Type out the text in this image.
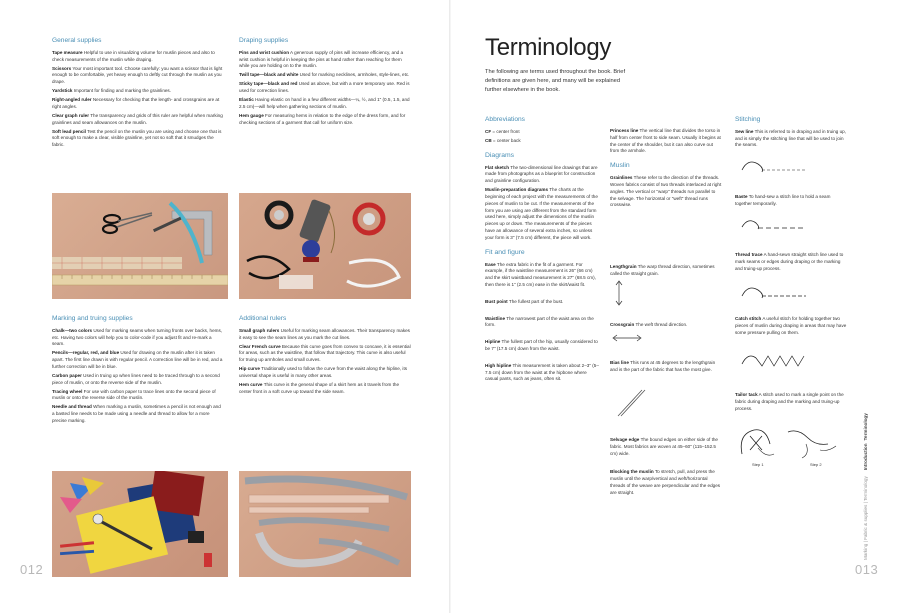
General supplies

Tape measure Helpful to use in visualizing volume for muslin pieces and also to check measurements of the muslin while draping.

Scissors Your most important tool. Choose carefully: you want a scissor that is light enough to be comfortable, yet heavy enough to deftly cut through the muslin as you drape.

Yardstick Important for finding and marking the grainlines.

Right-angled ruler Necessary for checking that the length- and crossgrains are at right angles.

Clear graph ruler The transparency and grids of this ruler are helpful when marking grainlines and seam allowances on the muslin.

Soft lead pencil Test the pencil on the muslin you are using and choose one that is soft enough to make a clear, visible grainline, yet not so soft that it smudges the fabric.

Draping supplies

Pins and wrist cushion A generous supply of pins will increase efficiency, and a wrist cushion is helpful in keeping the pins at hand rather than reaching for them while you are holding on to the muslin.

Twill tape—black and white Used for marking necklines, armholes, style-lines, etc.

Sticky tape—black and red Used as above, but with a more temporary use. Red is used for correction lines.

Elastic Having elastic on hand in a few different widths—¼, ½, and 1" (0.5, 1.5, and 2.5 cm)—will help when gathering sections of muslin.

Hem gauge For measuring hems in relation to the edge of the dress form, and for checking sections of a garment that call for uniform size.

Marking and truing supplies

Chalk—two colors Used for marking seams when turning fronts over backs, hems, etc. Having two colors will help you to color-code if you adjust fit and re-mark a seam.

Pencils—regular, red, and blue Used for drawing on the muslin after it is taken apart. The first line drawn is with regular pencil. A correction line will be in red, and a further correction will be in blue.

Carbon paper Used in truing up when lines need to be traced through to a second piece of muslin, or onto the reverse side of the muslin.

Tracing wheel For use with carbon paper to trace lines onto the second piece of muslin or onto the reverse side of the muslin.

Needle and thread When marking a muslin, sometimes a pencil is not enough and a basted line needs to be made using a needle and thread to allow for a more precise marking.

Additional rulers

Small graph rulers Useful for marking seam allowances. Their transparency makes it easy to see the seam lines as you mark the cut lines.

Clear French curve Because this curve goes from convex to concave, it is essential for areas, such as the waistline, that follow that trajectory. This curve is also useful for truing up armholes and small curves.

Hip curve Traditionally used to follow the curve from the waist along the hipline, its universal shape is useful in many other areas.

Hem curve This curve is the general shape of a skirt hem as it travels from the center front in a soft curve up toward the side seam.

012
Terminology
The following are terms used throughout the book. Brief definitions are given here, and many will be explained further elsewhere in the book.
Abbreviations

CF = center front

CB = center back

Diagrams

Flat sketch The two-dimensional line drawings that are made from photographs as a blueprint for construction and grainline configuration.

Muslin-preparation diagrams The charts at the beginning of each project with the measurements of the pieces of muslin to be cut. If the measurements of the form you are using are different from the standard form used here, simply adjust the dimensions of the muslin pieces up or down. The measurements of the pieces have an allowance of several extra inches, so unless your form is 3" (7.5 cm) different, the piece will work.

Fit and figure

Ease The extra fabric in the fit of a garment. For example, if the waistline measurement is 26" (66 cm) and the skirt waistband measurement is 27" (68.5 cm), then there is 1" (2.5 cm) ease in the skirt/waist fit.

Bust point The fullest part of the bust.

Waistline The narrowest part of the waist area on the form.

Hipline The fullest part of the hip, usually considered to be 7" (17.5 cm) down from the waist.

High hipline This measurement is taken about 2–3" (5–7.5 cm) down from the waist at the hipbone where casual pants, such as jeans, often sit.

Princess line The vertical line that divides the torso in half from center front to side seam. Usually it begins at the center of the shoulder, but it can also curve out from the armhole.

Muslin

Grainlines These refer to the direction of the threads. Woven fabrics consist of two threads interlaced at right angles. The vertical or "warp" threads run parallel to the selvage. The horizontal or "weft" thread runs crosswise.

Lengthgrain The warp thread direction, sometimes called the straight grain.

Crossgrain The weft thread direction.

Bias line This runs at 45 degrees to the lengthgrain and is the part of the fabric that has the most give.

Selvage edge The bound edges on either side of the fabric. Most fabrics are woven at 45–60" (115–152.5 cm) wide.

Blocking the muslin To stretch, pull, and press the muslin until the warp/vertical and weft/horizontal threads of the weave are perpendicular and the edges are straight.

Stitching

Sew line This is referred to in draping and in truing up, and is simply the stitching line that will be used to join the seams.

Baste To hand-sew a stitch line to hold a seam together temporarily.

Thread trace A hand-sewn straight stitch line used to mark seams or edges during draping or the marking and truing-up process.

Catch stitch A useful stitch for holding together two pieces of muslin during draping in areas that may have some pressure pulling on them.

Tailor tack A stitch used to mark a single point on the fabric during draping and the marking and truing-up process.

Step 1	Step 2
Marking | Fabric & supplies | Terminology
Introduction
Terminology
013
